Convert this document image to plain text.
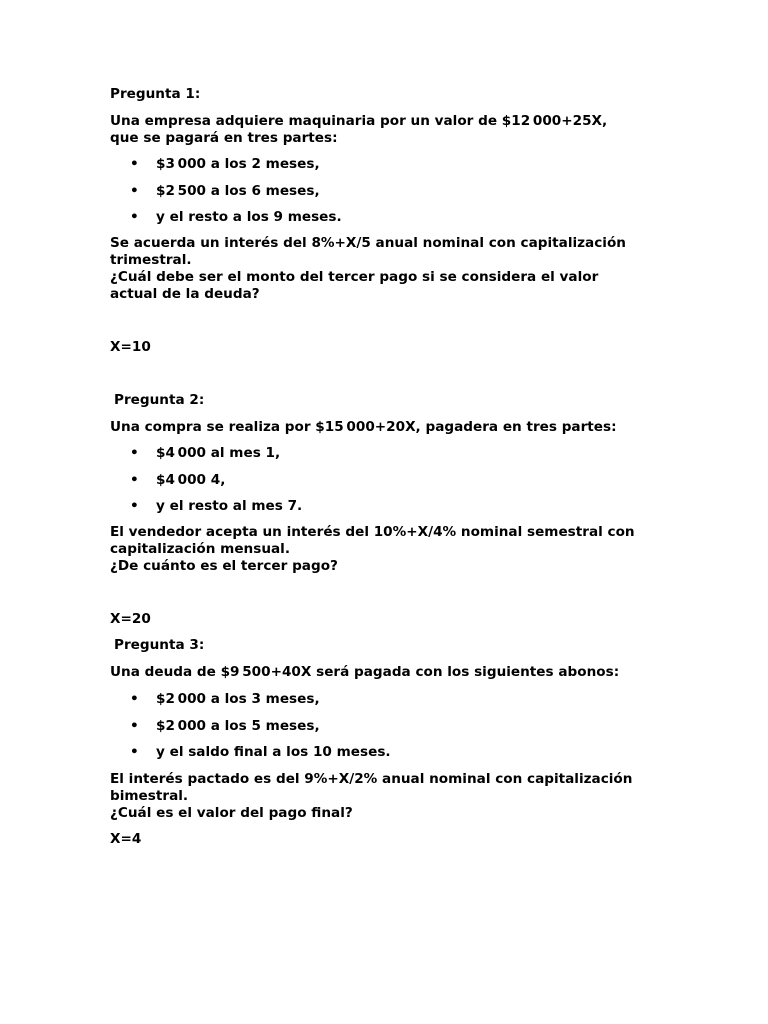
Pregunta 1:

Una empresa adquiere maquinaria por un valor de $12 000+25X,
que se pagará en tres partes:

• $3 000 a los 2 meses,
• $2 500 a los 6 meses,
• y el resto a los 9 meses.

Se acuerda un interés del 8%+X/5 anual nominal con capitalización
trimestral.
¿Cuál debe ser el monto del tercer pago si se considera el valor
actual de la deuda?

X=10

Pregunta 2:

Una compra se realiza por $15 000+20X, pagadera en tres partes:

• $4 000 al mes 1,
• $4 000 4,
• y el resto al mes 7.

El vendedor acepta un interés del 10%+X/4% nominal semestral con
capitalización mensual.
¿De cuánto es el tercer pago?

X=20

Pregunta 3:

Una deuda de $9 500+40X será pagada con los siguientes abonos:

• $2 000 a los 3 meses,
• $2 000 a los 5 meses,
• y el saldo final a los 10 meses.

El interés pactado es del 9%+X/2% anual nominal con capitalización
bimestral.
¿Cuál es el valor del pago final?

X=4
